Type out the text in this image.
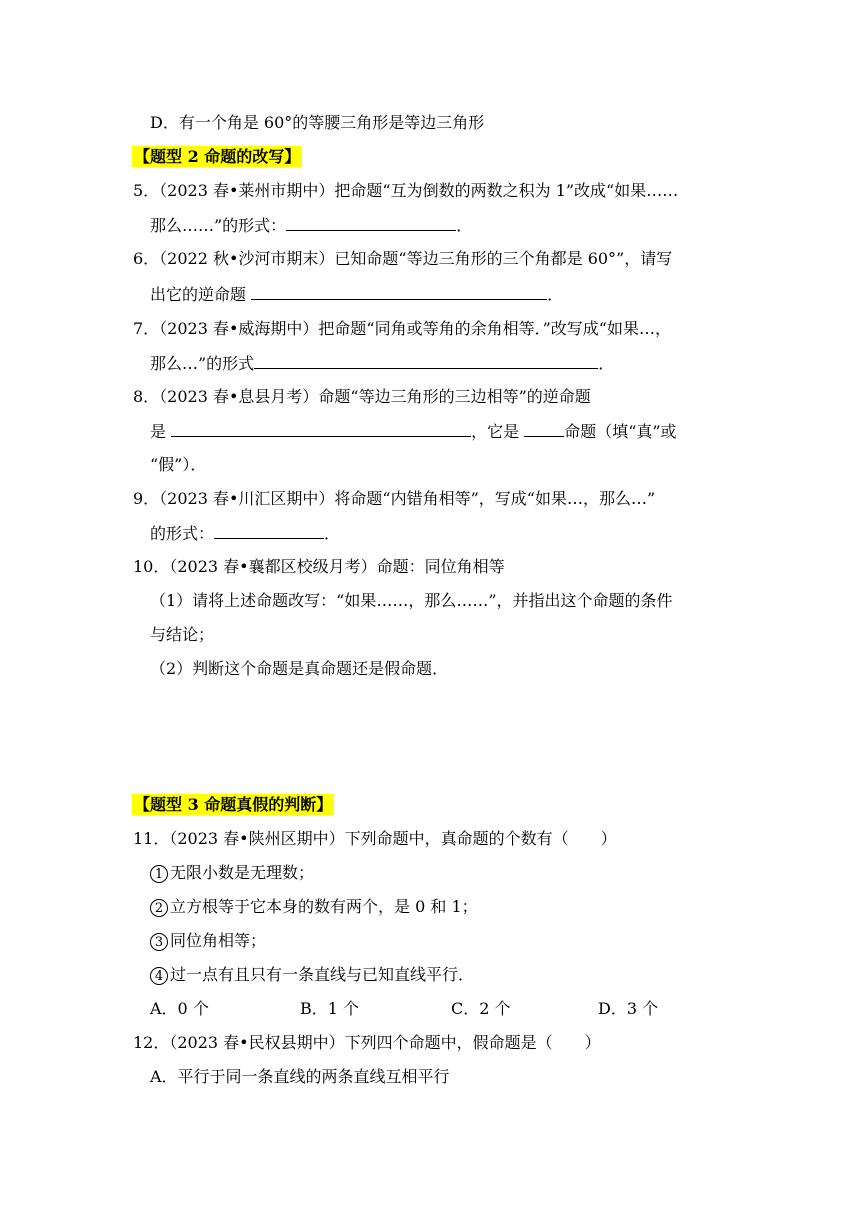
D．有一个角是 60°的等腰三角形是等边三角形
【题型 2 命题的改写】
5．（2023 春•莱州市期中）把命题“互为倒数的两数之积为 1”改成“如果……
那么……”的形式：	．
6．（2022 秋•沙河市期末）已知命题“等边三角形的三个角都是 60°”，请写
出它的逆命题	．
7．（2023 春•威海期中）把命题“同角或等角的余角相等．”改写成“如果…，
那么…”的形式	．
8．（2023 春•息县月考）命题“等边三角形的三边相等”的逆命题
是	，它是	命题（填“真”或
“假”）．
9．（2023 春•川汇区期中）将命题“内错角相等”，写成“如果…，那么…”
的形式：	．
10．（2023 春•襄都区校级月考）命题：同位角相等
（1）请将上述命题改写：“如果……，那么……”，并指出这个命题的条件
与结论；
（2）判断这个命题是真命题还是假命题．
【题型 3 命题真假的判断】
11．（2023 春•陕州区期中）下列命题中，真命题的个数有（　　）
1 无限小数是无理数；
2 立方根等于它本身的数有两个，是 0 和 1；
3 同位角相等；
4 过一点有且只有一条直线与已知直线平行．
A．0 个	B．1 个	C．2 个	D．3 个
12．（2023 春•民权县期中）下列四个命题中，假命题是（　　）
A．平行于同一条直线的两条直线互相平行
